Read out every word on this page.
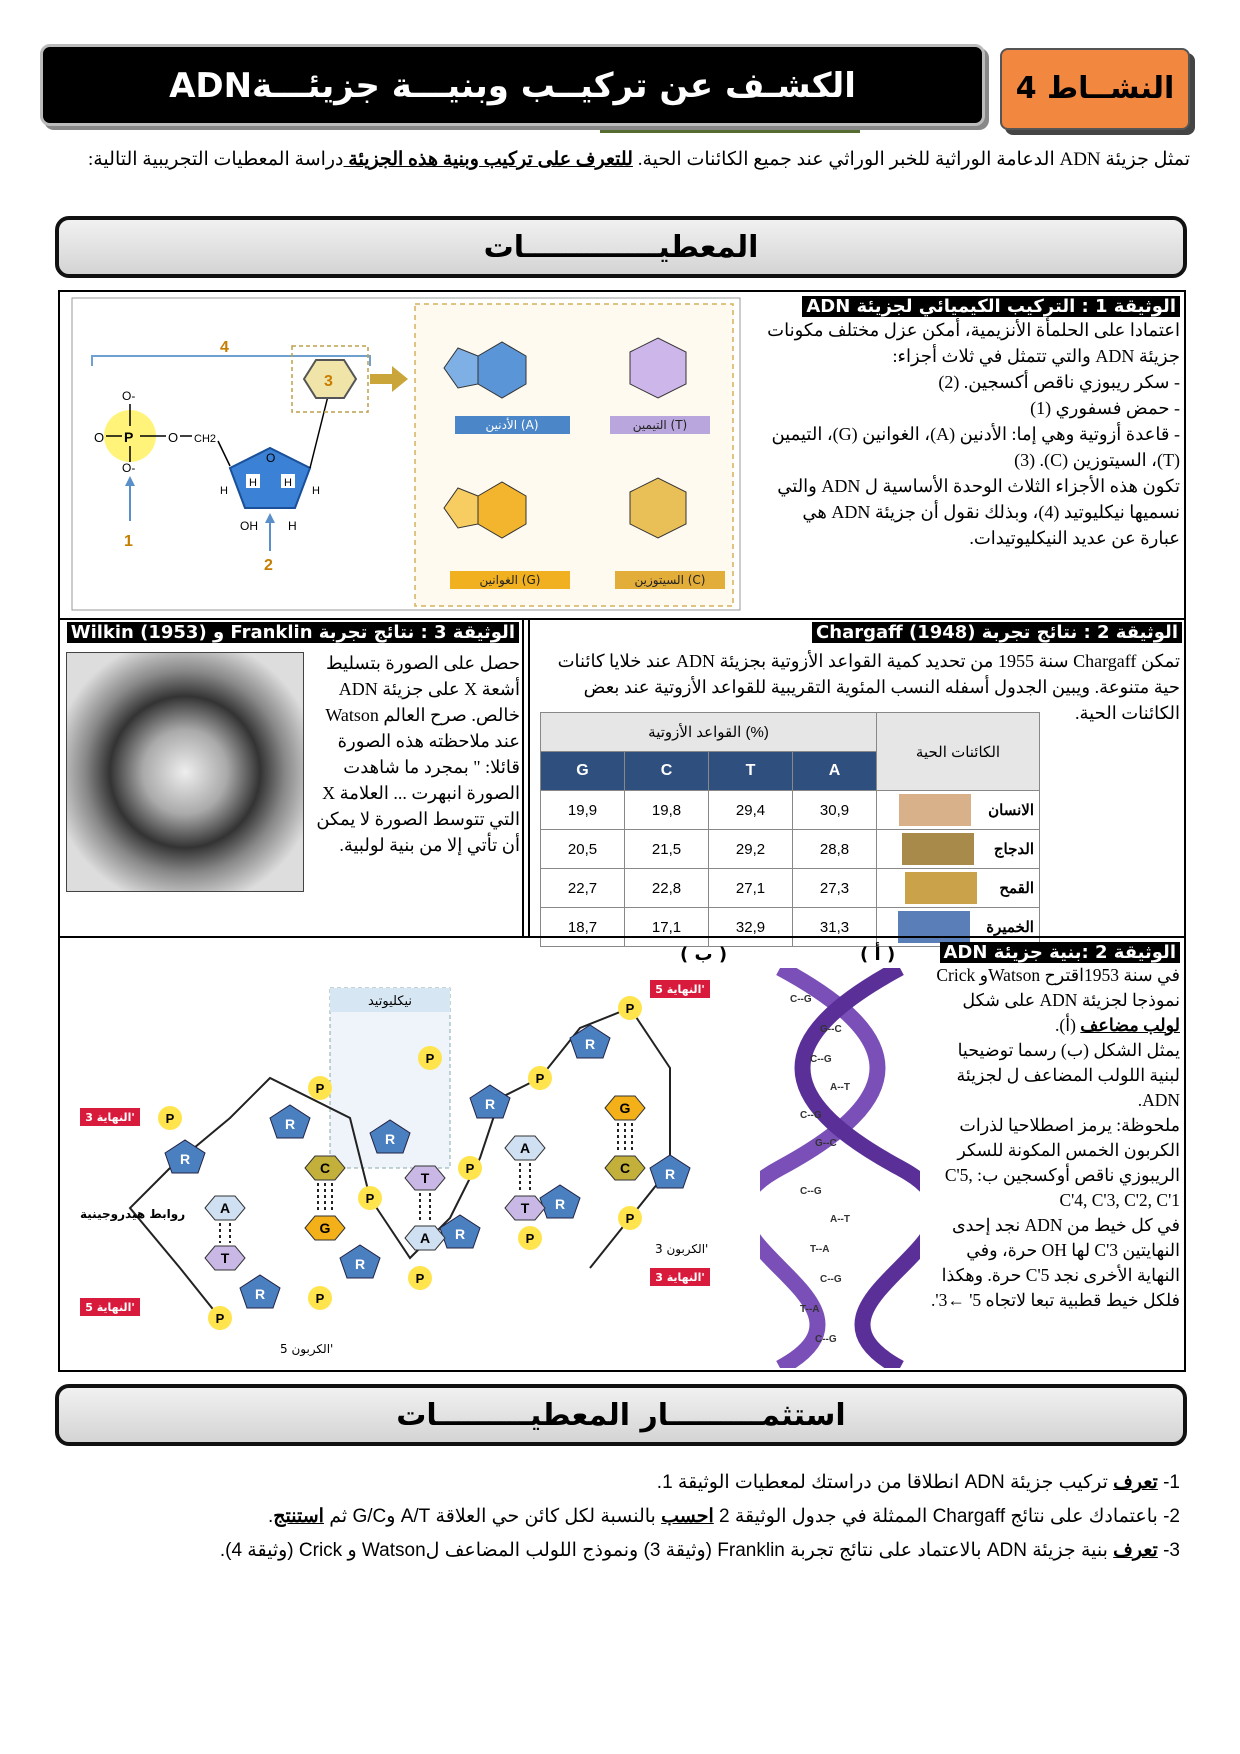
النشــاط 4
الكشـف عن تركيــب وبنيـــة جزيئـــةADN
تمثل جزيئة ADN الدعامة الوراثية للخبر الوراثي عند جميع الكائنات الحية. للتعرف على تركيب وبنية هذه الجزيئة دراسة المعطيات التجريبية التالية:
المعطيـــــــــــــات
الوثيقة 1 : التركيب الكيميائي لجزيئة ADN
اعتمادا على الحلمأة الأنزيمية، أمكن عزل مختلف مكونات جزيئة ADN والتي تتمثل في ثلاث أجزاء:
- سكر ريبوزي ناقص أكسجين. (2)
- حمض فسفوري (1)
- قاعدة أزوتية وهي إما: الأدنين (A)، الغوانين (G)، التيمين (T)، السيتوزين (C). (3)
تكون هذه الأجزاء الثلاث الوحدة الأساسية ل ADN والتي نسميها نيكليوتيد (4)، وبذلك نقول أن جزيئة ADN هي عبارة عن عديد النيكليوتيدات.
4
O-
O P	O CH2
O-
1
O
H H
H	H
OH	H
2
3
الأدنين (A)	التيمين (T)
الغوانين (G)	السيتوزين (C)
الوثيقة 3 : نتائج تجربة Franklin و Wilkin (1953)
حصل على الصورة بتسليط أشعة X على جزيئة ADN خالص. صرح العالم Watson عند ملاحظته هذه الصورة قائلا: " بمجرد ما شاهدت الصورة انبهرت ... العلامة X التي تتوسط الصورة لا يمكن أن تأتي إلا من بنية لولبية.
الوثيقة 2 : نتائج تجربة Chargaff (1948)
تمكن Chargaff سنة 1955 من تحديد كمية القواعد الأزوتية بجزيئة ADN عند خلايا كائنات حية متنوعة. ويبين الجدول أسفله النسب المئوية التقريبية للقواعد الأزوتية عند بعض الكائنات الحية.
القواعد الأزوتية (%)				الكائنات الحية
G	C	T	A	
19,9	19,8	29,4	30,9	الانسان

20,5	21,5	29,2	28,8	الدجاج

22,7	22,8	27,1	27,3	القمح

18,7	17,1	32,9	31,3	الخميرة
الوثيقة 2 :بنية جزيئة ADN
في سنة 1953اقترح Watsonو Crick نموذجا لجزيئة ADN على شكل لولب مضاعف (أ).
يمثل الشكل (ب) رسما توضيحيا لبنية اللولب المضاعف ل لجزيئة ADN.
ملحوظة: يرمز اصطلاحيا لذرات الكربون الخمس المكونة للسكر الريبوزي ناقص أوكسجين ب: C'5, C'4, C'3, C'2, C'1
في كل خيط من ADN نجد إحدى النهايتين C'3 لها OH حرة، وفي النهاية الأخرى نجد C'5 حرة. وهكذا فلكل خيط قطبية تبعا لاتجاه 5' ←3'.
( أ )
( ب )
C--G
G--C
C--G
A--T
C--G
G--C
C--G
A--T
T--A
C--G
T--A
C--G
نيكليوتيد
النهاية 3'
النهاية 5'
النهاية 5'
النهاية 3'
الكربون 3'
الكربون 5'
روابط هيدروجينية
P
P
P
P
P
P
P
P
P
P
P
P
R
R
R
R
R
R
R
R
R
R
A
T
C
G
T
A
A
T
G
C
استثمـــــــــار المعطيـــــــــات
1- تعرف تركيب جزيئة ADN انطلاقا من دراستك لمعطيات الوثيقة 1.
2- باعتمادك على نتائج Chargaff الممثلة في جدول الوثيقة 2 احسب بالنسبة لكل كائن حي العلاقة A/T وG/C ثم استنتج.
3- تعرف بنية جزيئة ADN بالاعتماد على نتائج تجربة Franklin (وثيقة 3) ونموذج اللولب المضاعف لWatson و Crick (وثيقة 4).
